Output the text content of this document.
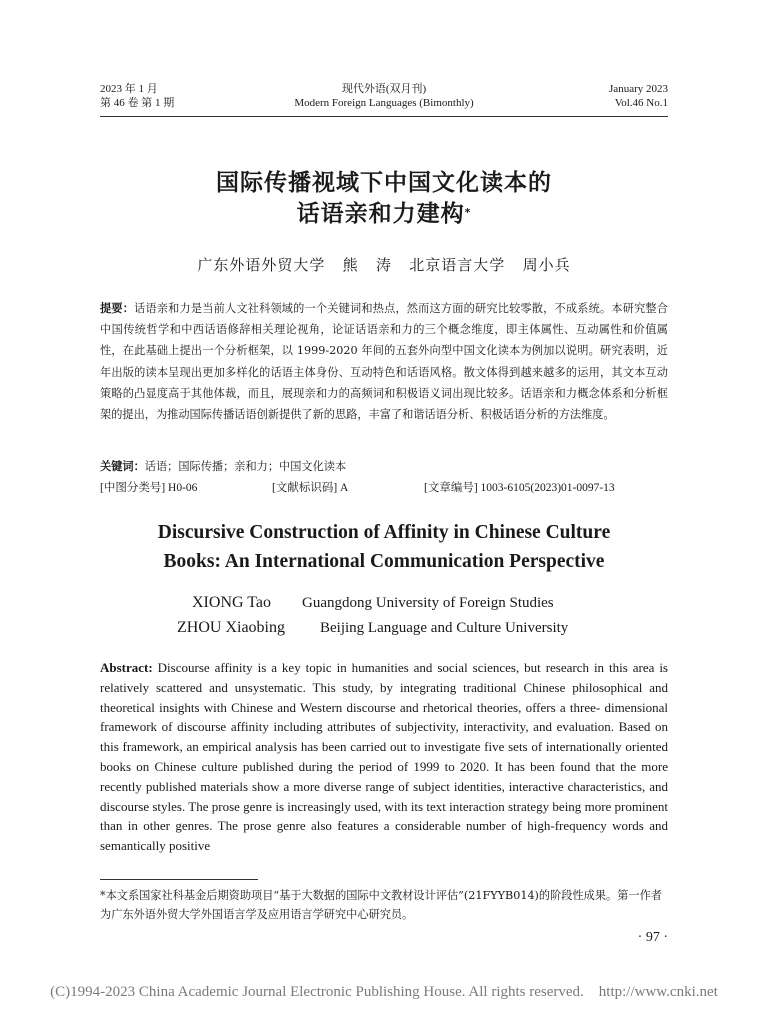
2023 年 1 月
第 46 卷 第 1 期
现代外语(双月刊)
Modern Foreign Languages (Bimonthly)
January 2023
Vol.46 No.1
国际传播视域下中国文化读本的
话语亲和力建构*
广东外语外贸大学   熊   涛   北京语言大学   周小兵
提要：话语亲和力是当前人文社科领域的一个关键词和热点，然而这方面的研究比较零散，不成系统。本研究整合中国传统哲学和中西话语修辞相关理论视角，论证话语亲和力的三个概念维度，即主体属性、互动属性和价值属性，在此基础上提出一个分析框架，以 1999-2020 年间的五套外向型中国文化读本为例加以说明。研究表明，近年出版的读本呈现出更加多样化的话语主体身份、互动特色和话语风格。散文体得到越来越多的运用，其文本互动策略的凸显度高于其他体裁，而且，展现亲和力的高频词和积极语义词出现比较多。话语亲和力概念体系和分析框架的提出，为推动国际传播话语创新提供了新的思路，丰富了和谐话语分析、积极话语分析的方法维度。
关键词：话语；国际传播；亲和力；中国文化读本
[中图分类号] H0-06	[文献标识码] A	[文章编号] 1003-6105(2023)01-0097-13
Discursive Construction of Affinity in Chinese Culture
Books: An International Communication Perspective
XIONG Tao Guangdong University of Foreign Studies
ZHOU Xiaobing Beijing Language and Culture University
Abstract: Discourse affinity is a key topic in humanities and social sciences, but research in this area is relatively scattered and unsystematic. This study, by integrating traditional Chinese philosophical and theoretical insights with Chinese and Western discourse and rhetorical theories, offers a three- dimensional framework of discourse affinity including attributes of subjectivity, interactivity, and evaluation. Based on this framework, an empirical analysis has been carried out to investigate five sets of internationally oriented books on Chinese culture published during the period of 1999 to 2020. It has been found that the more recently published materials show a more diverse range of subject identities, interactive characteristics, and discourse styles. The prose genre is increasingly used, with its text interaction strategy being more prominent than in other genres. The prose genre also features a considerable number of high-frequency words and semantically positive
*本文系国家社科基金后期资助项目“基于大数据的国际中文教材设计评估”(21FYYB014)的阶段性成果。第一作者为广东外语外贸大学外国语言学及应用语言学研究中心研究员。
· 97 ·
(C)1994-2023 China Academic Journal Electronic Publishing House. All rights reserved.    http://www.cnki.net
